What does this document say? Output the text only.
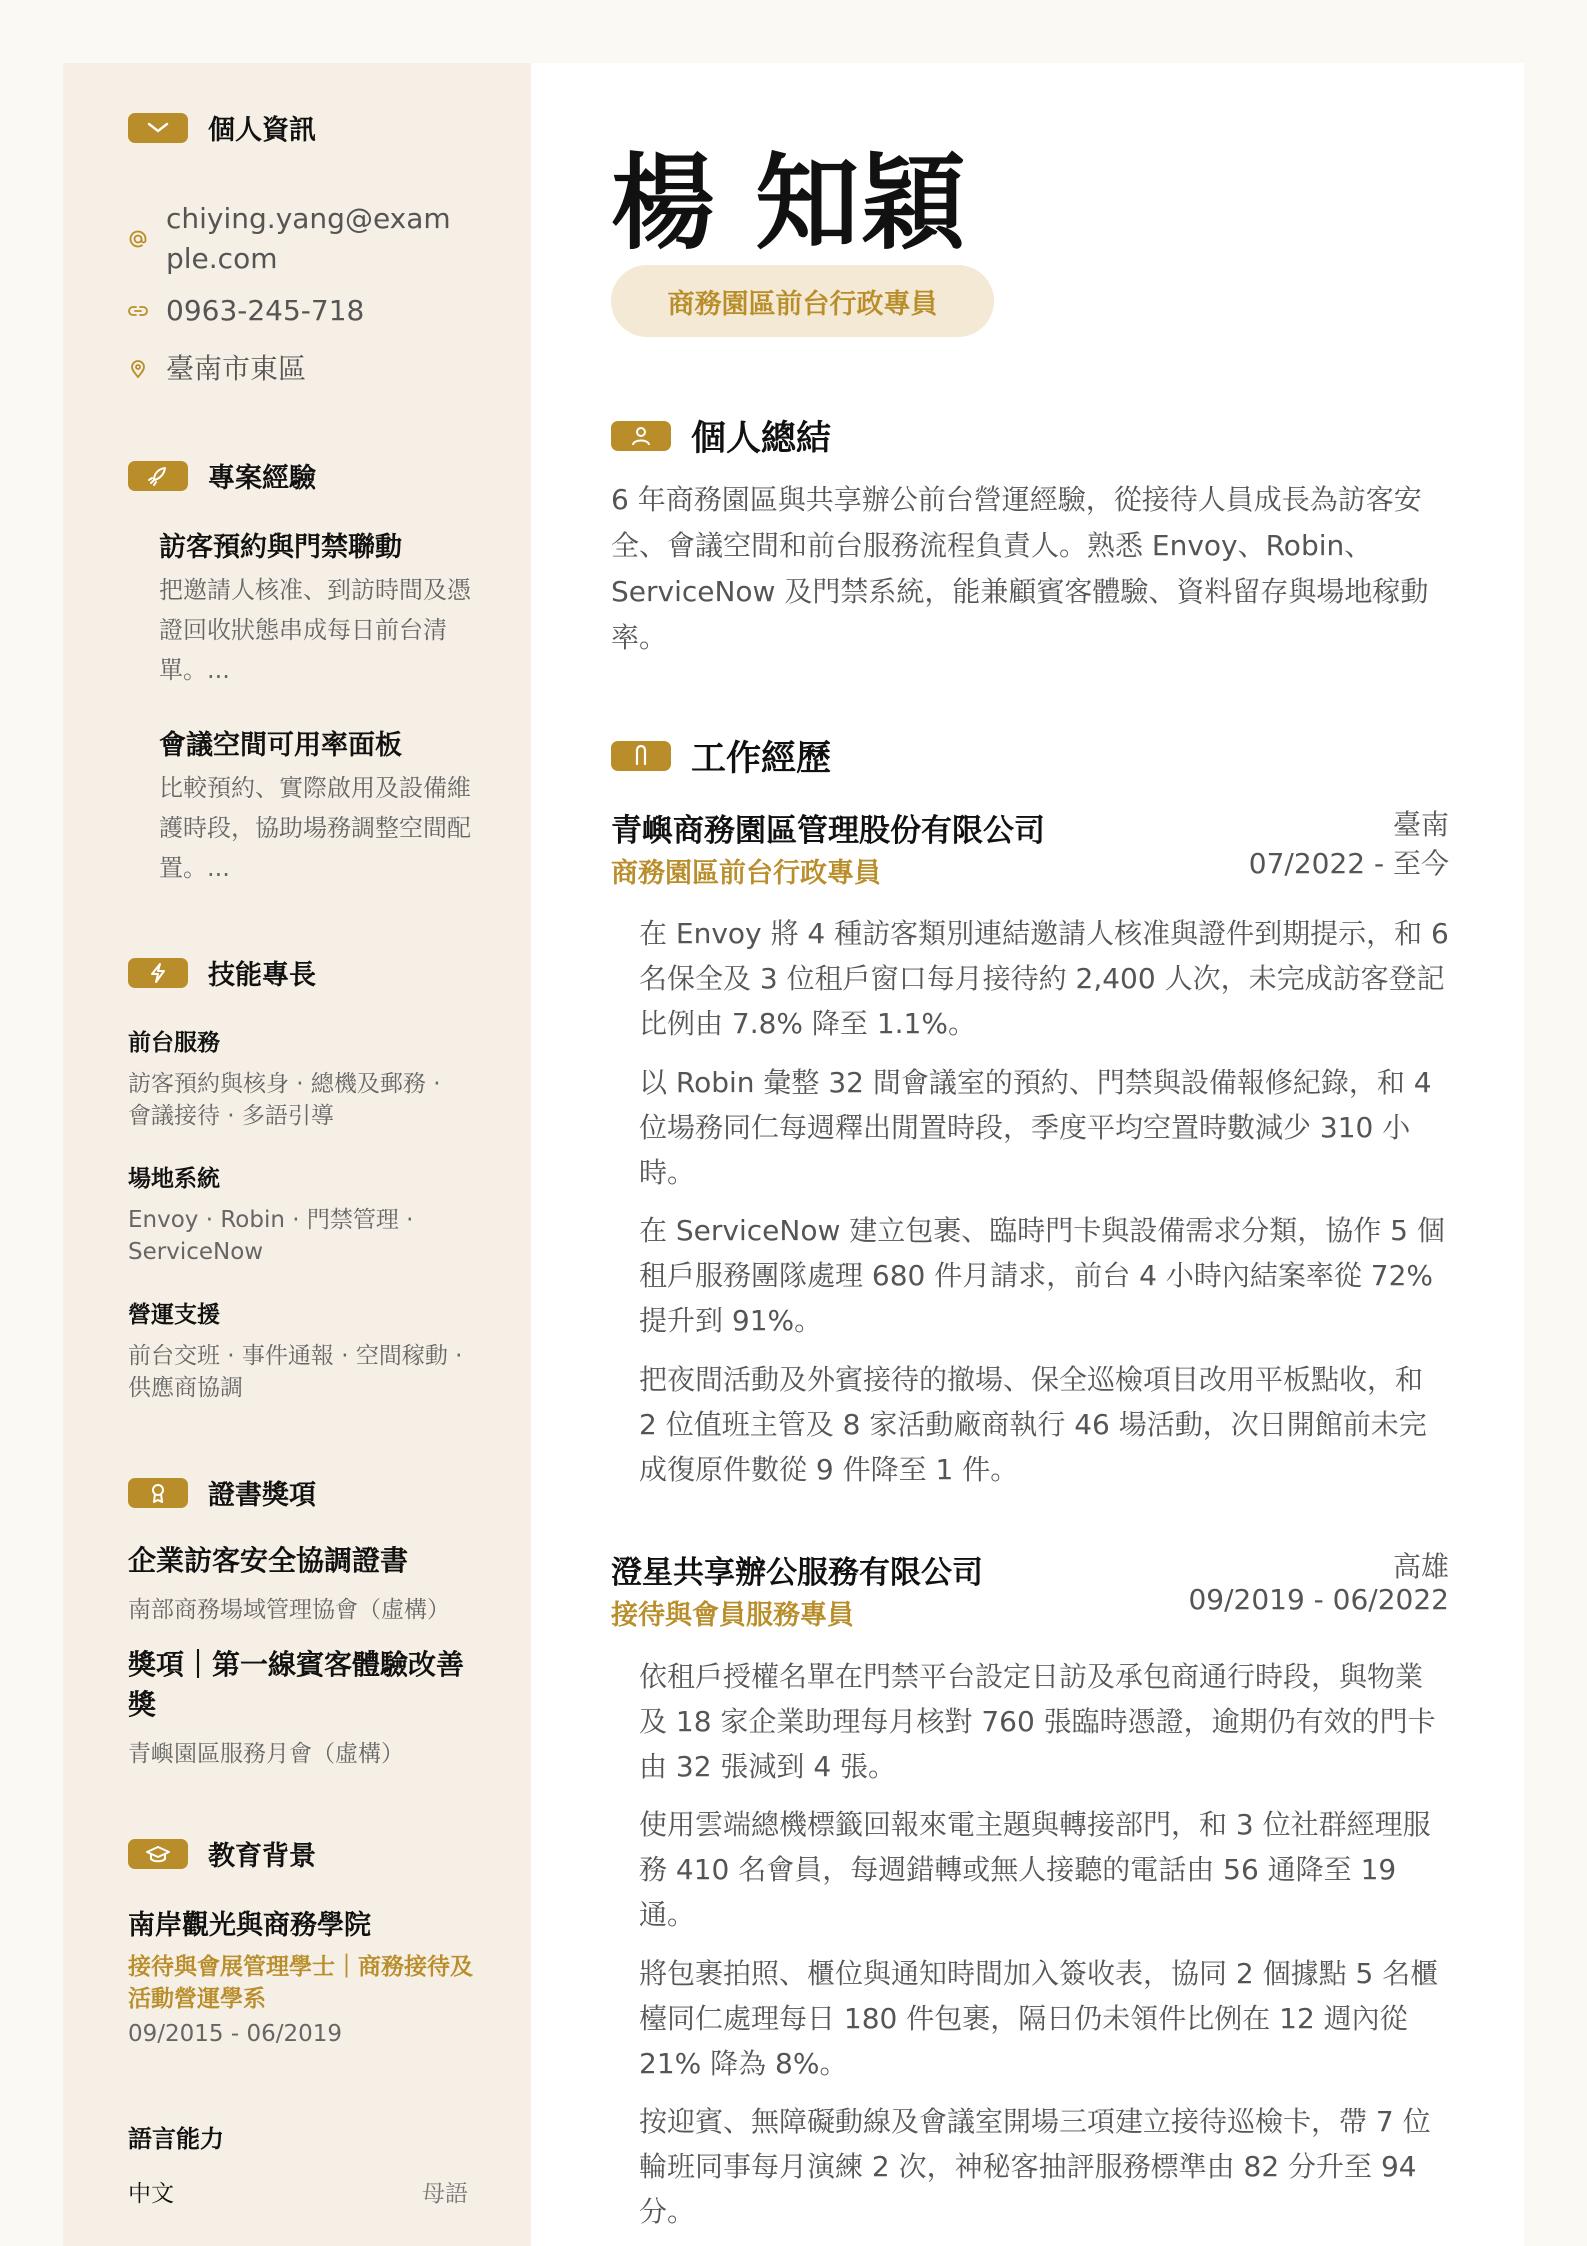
個人資訊
chiying.yang@example.com
0963-245-718
臺南市東區
專案經驗
訪客預約與門禁聯動
把邀請人核准、到訪時間及憑證回收狀態串成每日前台清單。...
會議空間可用率面板
比較預約、實際啟用及設備維護時段，協助場務調整空間配置。...
技能專長
前台服務
訪客預約與核身 · 總機及郵務 · 會議接待 · 多語引導
場地系統
Envoy · Robin · 門禁管理 · ServiceNow
營運支援
前台交班 · 事件通報 · 空間稼動 · 供應商協調
證書獎項
企業訪客安全協調證書
南部商務場域管理協會（虛構）
獎項｜第一線賓客體驗改善獎
青嶼園區服務月會（虛構）
教育背景
南岸觀光與商務學院
接待與會展管理學士｜商務接待及活動營運學系
09/2015 - 06/2019
語言能力
中文	母語
楊 知穎
商務園區前台行政專員
個人總結
6 年商務園區與共享辦公前台營運經驗，從接待人員成長為訪客安全、會議空間和前台服務流程負責人。熟悉 Envoy、Robin、ServiceNow 及門禁系統，能兼顧賓客體驗、資料留存與場地稼動率。
工作經歷
青嶼商務園區管理股份有限公司
商務園區前台行政專員
臺南
07/2022 - 至今
在 Envoy 將 4 種訪客類別連結邀請人核准與證件到期提示，和 6 名保全及 3 位租戶窗口每月接待約 2,400 人次，未完成訪客登記比例由 7.8% 降至 1.1%。
以 Robin 彙整 32 間會議室的預約、門禁與設備報修紀錄，和 4 位場務同仁每週釋出閒置時段，季度平均空置時數減少 310 小時。
在 ServiceNow 建立包裹、臨時門卡與設備需求分類，協作 5 個租戶服務團隊處理 680 件月請求，前台 4 小時內結案率從 72% 提升到 91%。
把夜間活動及外賓接待的撤場、保全巡檢項目改用平板點收，和 2 位值班主管及 8 家活動廠商執行 46 場活動，次日開館前未完成復原件數從 9 件降至 1 件。
澄星共享辦公服務有限公司
接待與會員服務專員
高雄
09/2019 - 06/2022
依租戶授權名單在門禁平台設定日訪及承包商通行時段，與物業及 18 家企業助理每月核對 760 張臨時憑證，逾期仍有效的門卡由 32 張減到 4 張。
使用雲端總機標籤回報來電主題與轉接部門，和 3 位社群經理服務 410 名會員，每週錯轉或無人接聽的電話由 56 通降至 19 通。
將包裹拍照、櫃位與通知時間加入簽收表，協同 2 個據點 5 名櫃檯同仁處理每日 180 件包裹，隔日仍未領件比例在 12 週內從 21% 降為 8%。
按迎賓、無障礙動線及會議室開場三項建立接待巡檢卡，帶 7 位輪班同事每月演練 2 次，神秘客抽評服務標準由 82 分升至 94 分。
